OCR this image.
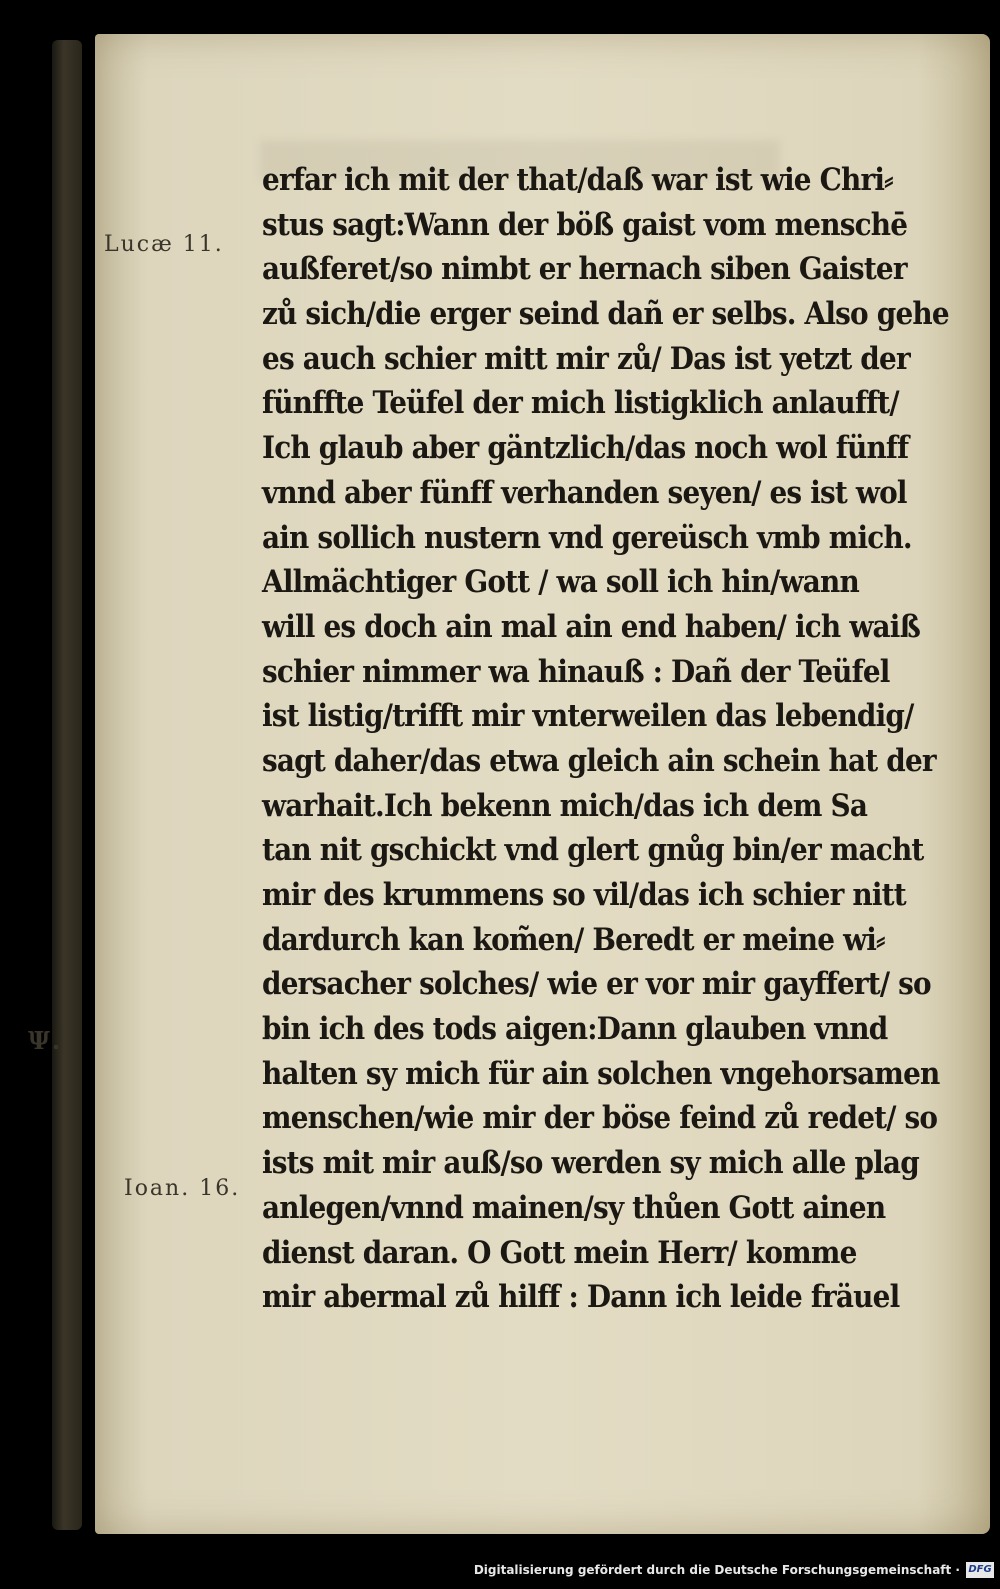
Lucæ 11.
Ψ.
Ioan. 16.
erfar ich mit der that/daß war ist wie Chri⸗
stus sagt:Wann der böß gaist vom menschē
außferet/so nimbt er hernach siben Gaister
zů sich/die erger seind dañ er selbs. Also gehe
es auch schier mitt mir zů/ Das ist yetzt der
fünffte Teüfel der mich listigklich anlaufft/
Ich glaub aber gäntzlich/das noch wol fünff
vnnd aber fünff verhanden seyen/ es ist wol
ain sollich nustern vnd gereüsch vmb mich.
Allmächtiger Gott / wa soll ich hin/wann
will es doch ain mal ain end haben/ ich waiß
schier nimmer wa hinauß : Dañ der Teüfel
ist listig/trifft mir vnterweilen das lebendig/
sagt daher/das etwa gleich ain schein hat der
warhait.Ich bekenn mich/das ich dem Sa
tan nit gschickt vnd glert gnůg bin/er macht
mir des krummens so vil/das ich schier nitt
dardurch kan kom̃en/ Beredt er meine wi⸗
dersacher solches/ wie er vor mir gayffert/ so
bin ich des tods aigen:Dann glauben vnnd
halten sy mich für ain solchen vngehorsamen
menschen/wie mir der böse feind zů redet/ so
ists mit mir auß/so werden sy mich alle plag
anlegen/vnnd mainen/sy thůen Gott ainen
dienst daran. O Gott mein Herr/ komme
mir abermal zů hilff : Dann ich leide fräuel
Digitalisierung gefördert durch die Deutsche Forschungsgemeinschaft · DFG
